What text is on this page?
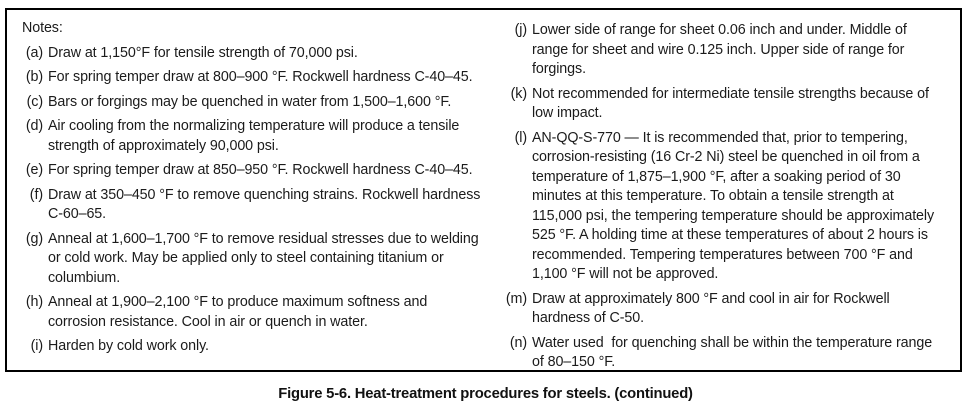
Notes:
(a) Draw at 1,150°F for tensile strength of 70,000 psi.
(b) For spring temper draw at 800–900 °F. Rockwell hardness C-40–45.
(c) Bars or forgings may be quenched in water from 1,500–1,600 °F.
(d) Air cooling from the normalizing temperature will produce a tensile strength of approximately 90,000 psi.
(e) For spring temper draw at 850–950 °F. Rockwell hardness C-40–45.
(f) Draw at 350–450 °F to remove quenching strains. Rockwell hardness C-60–65.
(g) Anneal at 1,600–1,700 °F to remove residual stresses due to welding or cold work. May be applied only to steel containing titanium or columbium.
(h) Anneal at 1,900–2,100 °F to produce maximum softness and corrosion resistance. Cool in air or quench in water.
(i) Harden by cold work only.
(j) Lower side of range for sheet 0.06 inch and under. Middle of range for sheet and wire 0.125 inch. Upper side of range for forgings.
(k) Not recommended for intermediate tensile strengths because of low impact.
(l) AN-QQ-S-770 — It is recommended that, prior to tempering, corrosion-resisting (16 Cr-2 Ni) steel be quenched in oil from a temperature of 1,875–1,900 °F, after a soaking period of 30 minutes at this temperature. To obtain a tensile strength at 115,000 psi, the tempering temperature should be approximately 525 °F. A holding time at these temperatures of about 2 hours is recommended. Tempering temperatures between 700 °F and 1,100 °F will not be approved.
(m) Draw at approximately 800 °F and cool in air for Rockwell hardness of C-50.
(n) Water used  for quenching shall be within the temperature range of 80–150 °F.
Figure 5-6. Heat-treatment procedures for steels. (continued)
